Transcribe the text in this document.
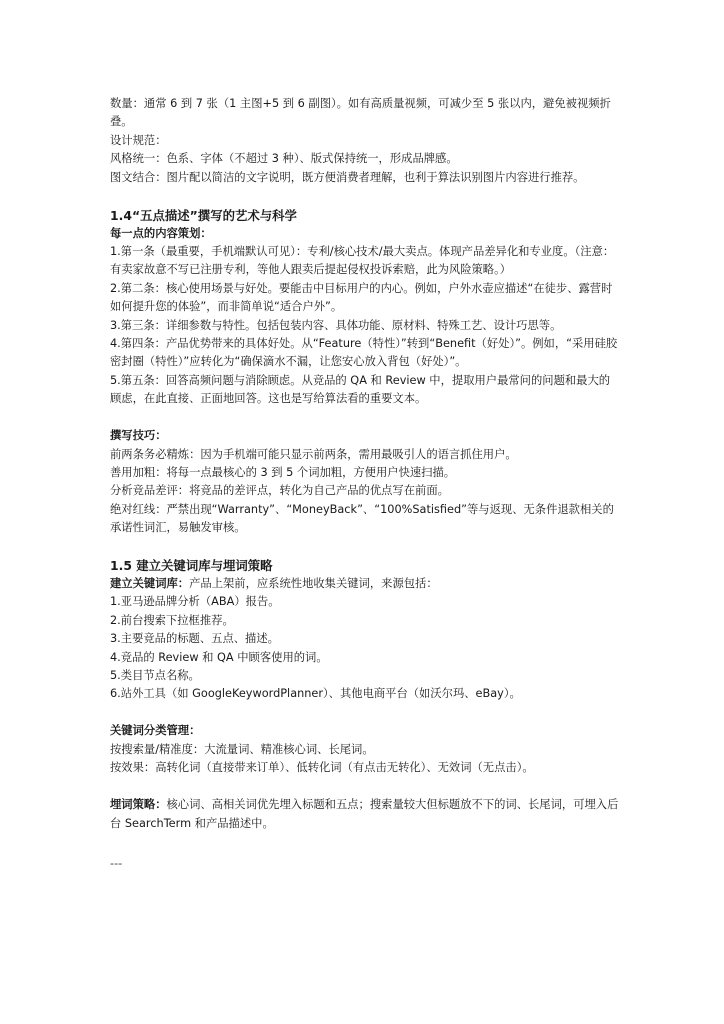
数量：通常 6 到 7 张（1 主图+5 到 6 副图）。如有高质量视频，可减少至 5 张以内，避免被视频折叠。

设计规范：

风格统一：色系、字体（不超过 3 种）、版式保持统一，形成品牌感。

图文结合：图片配以简洁的文字说明，既方便消费者理解，也利于算法识别图片内容进行推荐。

1.4“五点描述”撰写的艺术与科学

每一点的内容策划：

1.第一条（最重要，手机端默认可见）：专利/核心技术/最大卖点。体现产品差异化和专业度。（注意：有卖家故意不写已注册专利，等他人跟卖后提起侵权投诉索赔，此为风险策略。）

2.第二条：核心使用场景与好处。要能击中目标用户的内心。例如，户外水壶应描述“在徒步、露营时如何提升您的体验”，而非简单说“适合户外”。

3.第三条：详细参数与特性。包括包装内容、具体功能、原材料、特殊工艺、设计巧思等。

4.第四条：产品优势带来的具体好处。从“Feature（特性）”转到“Benefit（好处）”。例如，“采用硅胶密封圈（特性）”应转化为“确保滴水不漏，让您安心放入背包（好处）”。

5.第五条：回答高频问题与消除顾虑。从竞品的 QA 和 Review 中，提取用户最常问的问题和最大的顾虑，在此直接、正面地回答。这也是写给算法看的重要文本。

撰写技巧：

前两条务必精炼：因为手机端可能只显示前两条，需用最吸引人的语言抓住用户。

善用加粗：将每一点最核心的 3 到 5 个词加粗，方便用户快速扫描。

分析竞品差评：将竞品的差评点，转化为自己产品的优点写在前面。

绝对红线：严禁出现“Warranty”、“MoneyBack”、“100%Satisfied”等与返现、无条件退款相关的承诺性词汇，易触发审核。

1.5 建立关键词库与埋词策略

建立关键词库：产品上架前，应系统性地收集关键词，来源包括：

1.亚马逊品牌分析（ABA）报告。

2.前台搜索下拉框推荐。

3.主要竞品的标题、五点、描述。

4.竞品的 Review 和 QA 中顾客使用的词。

5.类目节点名称。

6.站外工具（如 GoogleKeywordPlanner）、其他电商平台（如沃尔玛、eBay）。

关键词分类管理：

按搜索量/精准度：大流量词、精准核心词、长尾词。

按效果：高转化词（直接带来订单）、低转化词（有点击无转化）、无效词（无点击）。

埋词策略：核心词、高相关词优先埋入标题和五点；搜索量较大但标题放不下的词、长尾词，可埋入后台 SearchTerm 和产品描述中。

---
